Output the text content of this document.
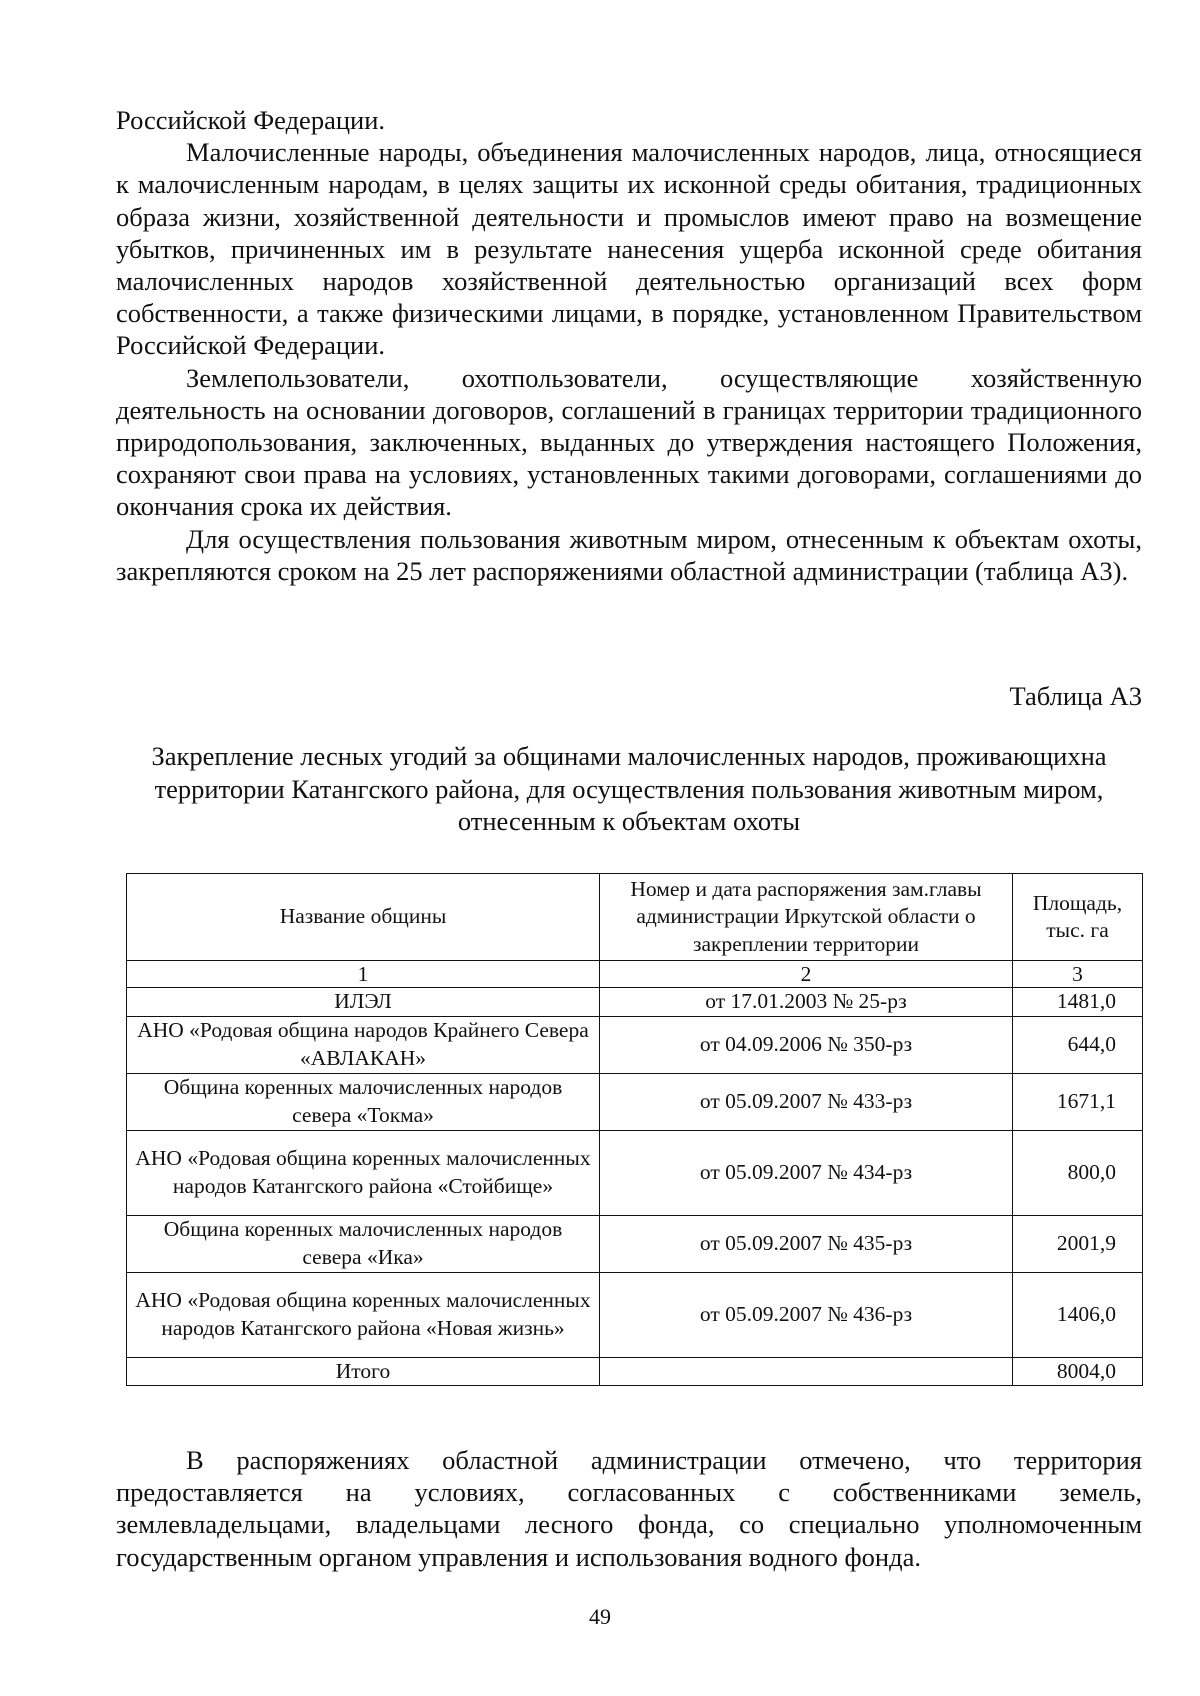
Российской Федерации.

Малочисленные народы, объединения малочисленных народов, лица, относящиеся к малочисленным народам, в целях защиты их исконной среды обитания, традиционных образа жизни, хозяйственной деятельности и промыслов имеют право на возмещение убытков, причиненных им в результате нанесения ущерба исконной среде обитания малочисленных народов хозяйственной деятельностью организаций всех форм собственности, а также физическими лицами, в порядке, установленном Правительством Российской Федерации.

Землепользователи, охотпользователи, осуществляющие хозяйственную деятельность на основании договоров, соглашений в границах территории традиционного природопользования, заключенных, выданных до утверждения настоящего Положения, сохраняют свои права на условиях, установленных такими договорами, соглашениями до окончания срока их действия.

Для осуществления пользования животным миром, отнесенным к объектам охоты, закрепляются сроком на 25 лет распоряжениями областной администрации (таблица А3).

Таблица А3
Закрепление лесных угодий за общинами малочисленных народов, проживающихна территории Катангского района, для осуществления пользования животным миром, отнесенным к объектам охоты
Название общины	Номер и дата распоряжения зам.главы администрации Иркутской области о закреплении территории	Площадь, тыс. га
1	2	3
ИЛЭЛ	от 17.01.2003 № 25-рз	1481,0
АНО «Родовая община народов Крайнего Севера «АВЛАКАН»	от 04.09.2006 № 350-рз	644,0
Община коренных малочисленных народов севера «Токма»	от 05.09.2007 № 433-рз	1671,1
АНО «Родовая община коренных малочисленных народов Катангского района «Стойбище»	от 05.09.2007 № 434-рз	800,0
Община коренных малочисленных народов севера «Ика»	от 05.09.2007 № 435-рз	2001,9
АНО «Родовая община коренных малочисленных народов Катангского района «Новая жизнь»	от 05.09.2007 № 436-рз	1406,0
Итого		8004,0

В распоряжениях областной администрации отмечено, что территория предоставляется на условиях, согласованных с собственниками земель, землевладельцами, владельцами лесного фонда, со специально уполномоченным государственным органом управления и использования водного фонда.

49
